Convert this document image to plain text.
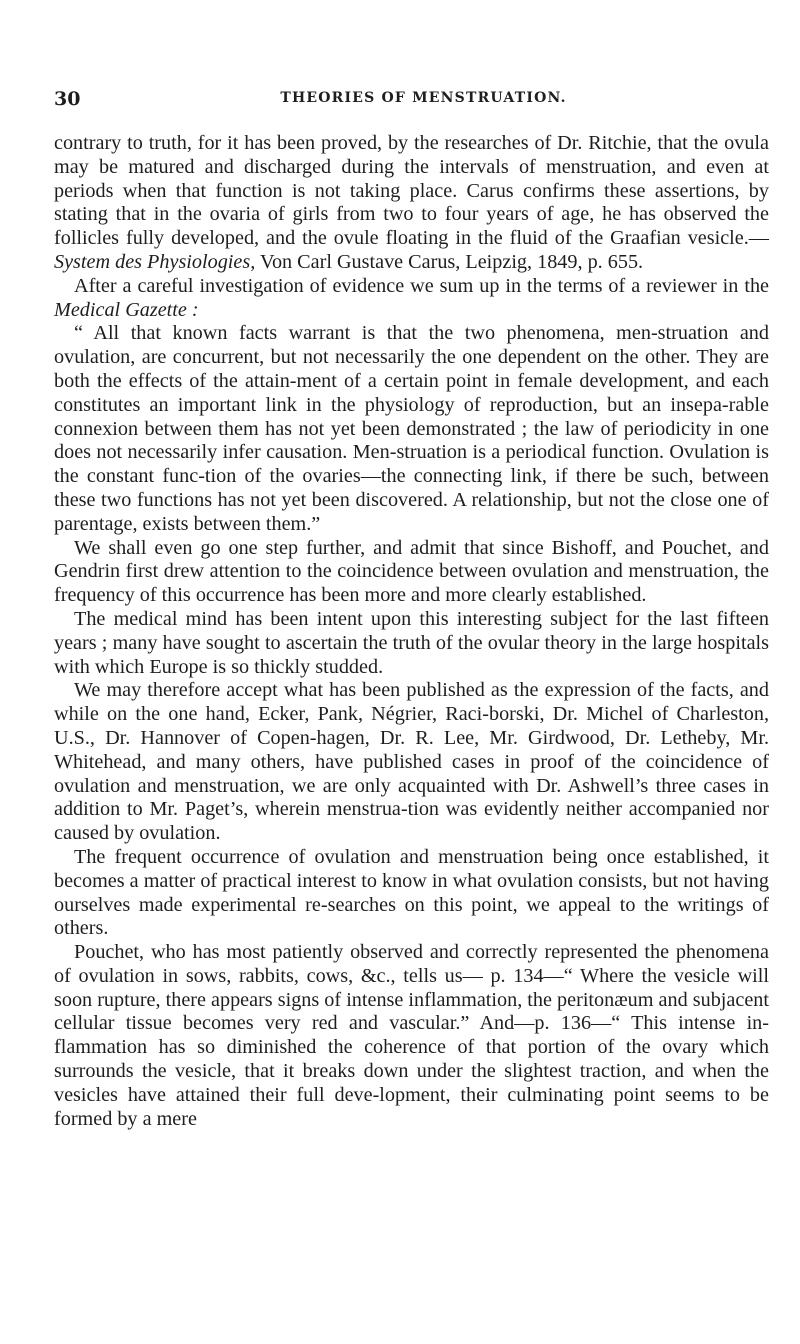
30	THEORIES OF MENSTRUATION.

contrary to truth, for it has been proved, by the researches of Dr. Ritchie, that the ovula may be matured and discharged during the intervals of menstruation, and even at periods when that function is not taking place. Carus confirms these assertions, by stating that in the ovaria of girls from two to four years of age, he has observed the follicles fully developed, and the ovule floating in the fluid of the Graafian vesicle.—System des Physiologies, Von Carl Gustave Carus, Leipzig, 1849, p. 655.

After a careful investigation of evidence we sum up in the terms of a reviewer in the Medical Gazette :

“ All that known facts warrant is that the two phenomena, men-struation and ovulation, are concurrent, but not necessarily the one dependent on the other. They are both the effects of the attain-ment of a certain point in female development, and each constitutes an important link in the physiology of reproduction, but an insepa-rable connexion between them has not yet been demonstrated ; the law of periodicity in one does not necessarily infer causation. Men-struation is a periodical function. Ovulation is the constant func-tion of the ovaries—the connecting link, if there be such, between these two functions has not yet been discovered. A relationship, but not the close one of parentage, exists between them.”

We shall even go one step further, and admit that since Bishoff, and Pouchet, and Gendrin first drew attention to the coincidence between ovulation and menstruation, the frequency of this occurrence has been more and more clearly established.

The medical mind has been intent upon this interesting subject for the last fifteen years ; many have sought to ascertain the truth of the ovular theory in the large hospitals with which Europe is so thickly studded.

We may therefore accept what has been published as the expression of the facts, and while on the one hand, Ecker, Pank, Négrier, Raci-borski, Dr. Michel of Charleston, U.S., Dr. Hannover of Copen-hagen, Dr. R. Lee, Mr. Girdwood, Dr. Letheby, Mr. Whitehead, and many others, have published cases in proof of the coincidence of ovulation and menstruation, we are only acquainted with Dr. Ashwell’s three cases in addition to Mr. Paget’s, wherein menstrua-tion was evidently neither accompanied nor caused by ovulation.

The frequent occurrence of ovulation and menstruation being once established, it becomes a matter of practical interest to know in what ovulation consists, but not having ourselves made experimental re-searches on this point, we appeal to the writings of others.

Pouchet, who has most patiently observed and correctly represented the phenomena of ovulation in sows, rabbits, cows, &c., tells us— p. 134—“ Where the vesicle will soon rupture, there appears signs of intense inflammation, the peritonæum and subjacent cellular tissue becomes very red and vascular.” And—p. 136—“ This intense in-flammation has so diminished the coherence of that portion of the ovary which surrounds the vesicle, that it breaks down under the slightest traction, and when the vesicles have attained their full deve-lopment, their culminating point seems to be formed by a mere
